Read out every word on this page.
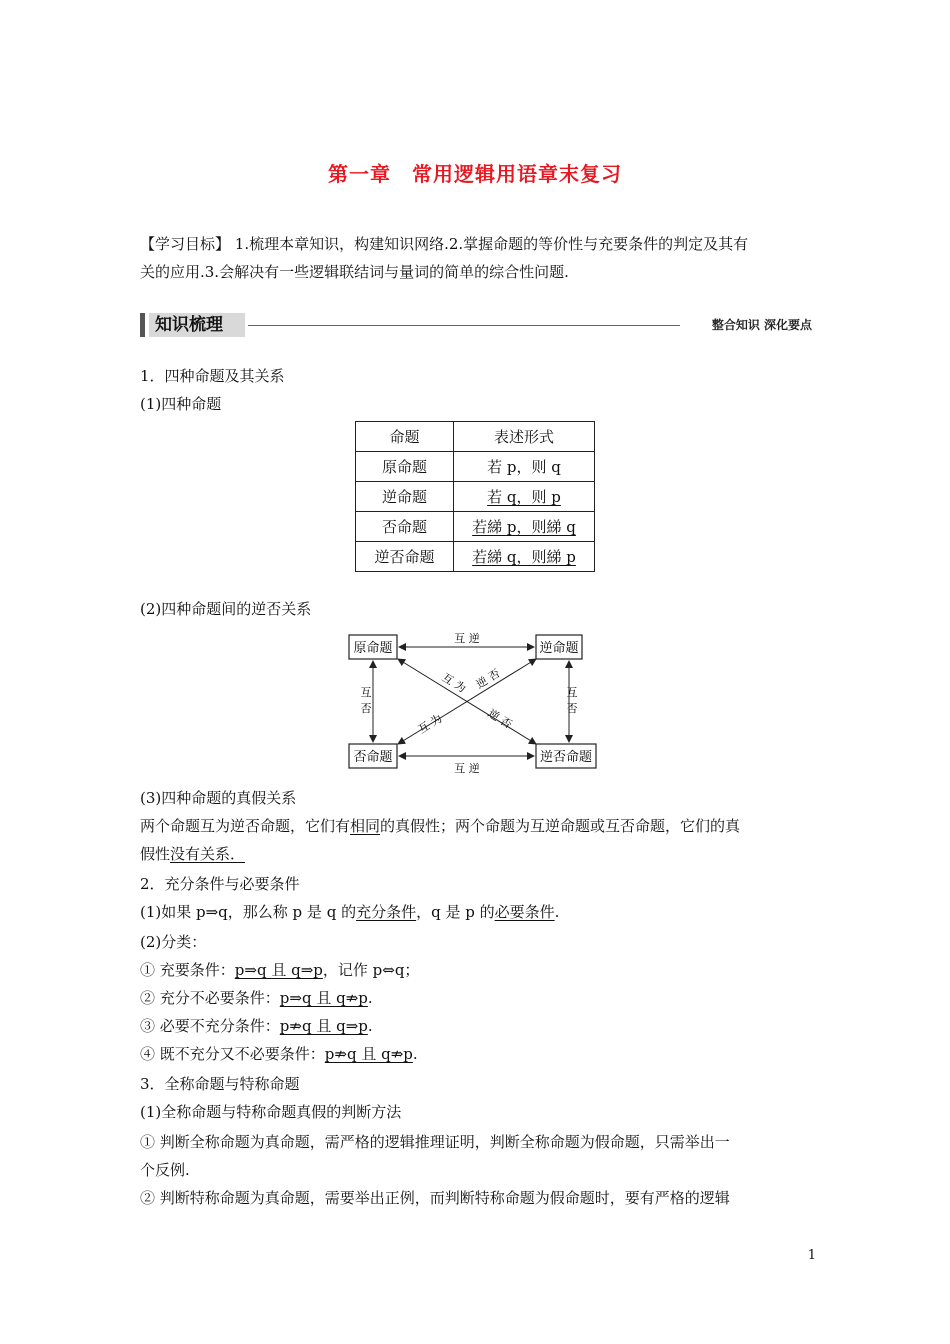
第一章　常用逻辑用语章末复习
【学习目标】 1.梳理本章知识，构建知识网络.2.掌握命题的等价性与充要条件的判定及其有
关的应用.3.会解决有一些逻辑联结词与量词的简单的综合性问题.
知识梳理	整合知识 深化要点
1．四种命题及其关系
(1)四种命题
命题	表述形式
原命题	若 p，则 q
逆命题	若 q，则 p
否命题	若綈 p，则綈 q
逆否命题	若綈 q，则綈 p
(2)四种命题间的逆否关系
原命题	逆命题
否命题	逆否命题
互 逆
互 逆
互
否
互
否
互 为 逆 否
互 为	逆 否
(3)四种命题的真假关系
两个命题互为逆否命题，它们有相同的真假性；两个命题为互逆命题或互否命题，它们的真
假性没有关系．
2．充分条件与必要条件
(1)如果 p⇒q，那么称 p 是 q 的充分条件，q 是 p 的必要条件.
(2)分类：
① 充要条件：p⇒q 且 q⇒p，记作 p⇔q；
② 充分不必要条件：p⇒q 且 q⇏p.
③ 必要不充分条件：p⇏q 且 q⇒p.
④ 既不充分又不必要条件：p⇏q 且 q⇏p.
3．全称命题与特称命题
(1)全称命题与特称命题真假的判断方法
① 判断全称命题为真命题，需严格的逻辑推理证明，判断全称命题为假命题，只需举出一
个反例.
② 判断特称命题为真命题，需要举出正例，而判断特称命题为假命题时，要有严格的逻辑
1
